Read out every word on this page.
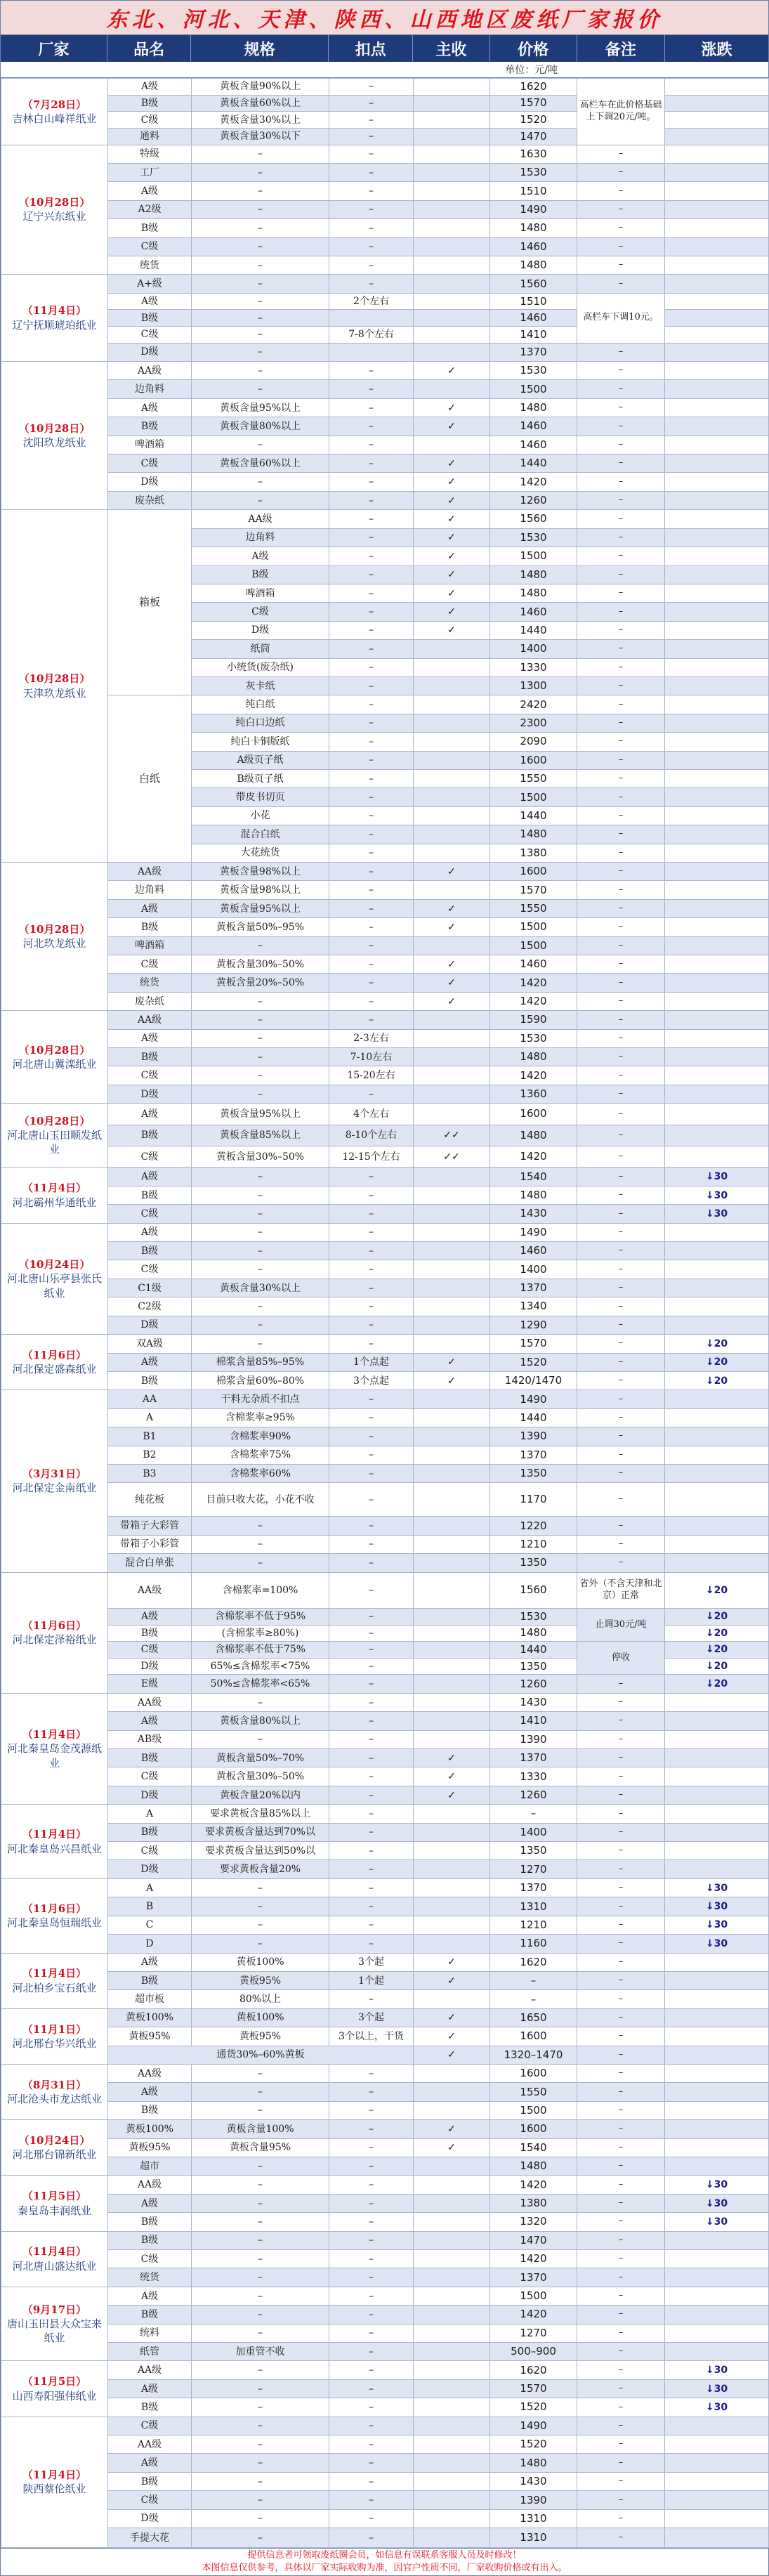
东北、河北、天津、陕西、山西地区废纸厂家报价
厂家	品名	规格	扣点	主收	价格	备注	涨跌
单位：元/吨
（7月28日）
吉林白山峰祥纸业	A级	黄板含量90%以上	–		1620	高栏车在此价格基础上下调20元/吨。	
	B级	黄板含量60%以上	–		1570		
	C级	黄板含量30%以上	–		1520		
	通料	黄板含量30%以下	–		1470		

（10月28日）
辽宁兴东纸业	特级	–	–		1630	–	
	工厂	–	–		1530	–	
	A级	–	–		1510	–	
	A2级	–	–		1490	–	
	B级	–	–		1480	–	
	C级	–	–		1460	–	
	统货	–	–		1480	–	

（11月4日）
辽宁抚顺琥珀纸业	A+级	–	–		1560	–	
	A级	–	2个左右		1510	高栏车下调10元。	
	B级	–			1460		
	C级	–	7-8个左右		1410		
	D级	–			1370	–	

（10月28日）
沈阳玖龙纸业	AA级	–	–	✓	1530	–	
	边角料	–	–		1500	–	
	A级	黄板含量95%以上	–	✓	1480	–	
	B级	黄板含量80%以上	–	✓	1460	–	
	啤酒箱	–	–		1460	–	
	C级	黄板含量60%以上	–	✓	1440	–	
	D级	–	–	✓	1420	–	
	废杂纸	–	–	✓	1260	–	

（10月28日）
天津玖龙纸业	箱板	AA级	–	✓	1560	–	
		边角料	–	✓	1530	–	
		A级	–	✓	1500	–	
		B级	–	✓	1480	–	
		啤酒箱	–	✓	1480	–	
		C级	–	✓	1460	–	
		D级	–	✓	1440	–	
		纸筒	–		1400	–	
		小统货(废杂纸)	–		1330	–	
		灰卡纸	–		1300	–	
	白纸	纯白纸	–		2420	–	
		纯白口边纸	–		2300	–	
		纯白卡铜版纸	–		2090	–	
		A级页子纸	–		1600	–	
		B级页子纸	–		1550	–	
		带皮书切页	–		1500	–	
		小花	–		1440	–	
		混合白纸	–		1480	–	
		大花统货	–		1380	–	

（10月28日）
河北玖龙纸业	AA级	黄板含量98%以上	–	✓	1600	–	
	边角料	黄板含量98%以上	–		1570	–	
	A级	黄板含量95%以上	–	✓	1550	–	
	B级	黄板含量50%–95%	–	✓	1500	–	
	啤酒箱	–	–		1500	–	
	C级	黄板含量30%–50%	–	✓	1460	–	
	统货	黄板含量20%–50%	–	✓	1420	–	
	废杂纸	–	–	✓	1420	–	

（10月28日）
河北唐山冀滦纸业	AA级	–	–		1590	–	
	A级	–	2-3左右		1530	–	
	B级	–	7-10左右		1480	–	
	C级	–	15-20左右		1420	–	
	D级	–	–		1360	–	

（10月28日）
河北唐山玉田顺发纸业	A级	黄板含量95%以上	4个左右		1600	–	
	B级	黄板含量85%以上	8-10个左右	✓✓	1480	–	
	C级	黄板含量30%–50%	12-15个左右	✓✓	1420	–	

（11月4日）
河北霸州华通纸业	A级	–	–		1540	–	↓30
	B级	–	–		1480	–	↓30
	C级	–	–		1430	–	↓30

（10月24日）
河北唐山乐亭县张氏纸业	A级	–	–		1490	–	
	B级	–	–		1460	–	
	C级	–	–		1400	–	
	C1级	黄板含量30%以上	–		1370	–	
	C2级	–	–		1340	–	
	D级	–	–		1290	–	

（11月6日）
河北保定盛森纸业	双A级	–	–		1570	–	↓20
	A级	棉浆含量85%–95%	1个点起	✓	1520	–	↓20
	B级	棉浆含量60%–80%	3个点起	✓	1420/1470	–	↓20

（3月31日）
河北保定金南纸业	AA	干料无杂质不扣点	–		1490	–	
	A	含棉浆率≥95%	–		1440	–	
	B1	含棉浆率90%	–		1390	–	
	B2	含棉浆率75%	–		1370	–	
	B3	含棉浆率60%	–		1350	–	
	纯花板	目前只收大花，小花不收	–		1170	–	
	带箱子大彩管	–	–		1220	–	
	带箱子小彩管	–	–		1210	–	
	混合白单张	–	–		1350	–	

（11月6日）
河北保定泽裕纸业	AA级	含棉浆率=100%	–		1560	省外（不含天津和北京）正常	↓20
	A级	含棉浆率不低于95%	–		1530	止调30元/吨	↓20
	B级	(含棉浆率≥80%)	–		1480		↓20
	C级	含棉浆率不低于75%	–		1440	停收	↓20
	D级	65%≤含棉浆率<75%	–		1350		↓20
	E级	50%≤含棉浆率<65%	–		1260	–	↓20

（11月4日）
河北秦皇岛金茂源纸业	AA级	–	–		1430	–	
	A级	黄板含量80%以上	–		1410	–	
	AB级	–	–		1390	–	
	B级	黄板含量50%–70%	–	✓	1370	–	
	C级	黄板含量30%–50%	–	✓	1330	–	
	D级	黄板含量20%以内	–	✓	1260	–	

（11月4日）
河北秦皇岛兴昌纸业	A	要求黄板含量85%以上	–		–	–	
	B级	要求黄板含量达到70%以	–		1400	–	
	C级	要求黄板含量达到50%以	–		1350	–	
	D级	要求黄板含量20%	–		1270	–	

（11月6日）
河北秦皇岛恒瑞纸业	A	–	–		1370	–	↓30
	B	–	–		1310	–	↓30
	C	–	–		1210	–	↓30
	D	–	–		1160	–	↓30

（11月4日）
河北柏乡宝石纸业	A级	黄板100%	3个起	✓	1620	–	
	B级	黄板95%	1个起	✓	–	–	
	超市板	80%以上	–		–	–	

（11月1日）
河北邢台华兴纸业	黄板100%	黄板100%	3个起	✓	1650	–	
	黄板95%	黄板95%	3个以上，干货	✓	1600	–	
	通货30%–60%黄板			✓	1320–1470	–	

（8月31日）
河北沧头市龙达纸业	AA级	–	–		1600	–	
	A级	–	–		1550	–	
	B级	–	–		1500	–	

（10月24日）
河北邢台锦新纸业	黄板100%	黄板含量100%	–	✓	1600	–	
	黄板95%	黄板含量95%	–	✓	1540	–	
	超市	–	–		1480	–	

（11月5日）
秦皇岛丰润纸业	AA级	–	–		1420	–	↓30
	A级	–	–		1380	–	↓30
	B级	–	–		1320	–	↓30

（11月4日）
河北唐山盛达纸业	B级	–	–		1470	–	
	C级	–	–		1420	–	
	统货	–	–		1370	–	

（9月17日）
唐山玉田县大众宝来纸业	A级	–	–		1500	–	
	B级	–	–		1420	–	
	统料	–	–		1270	–	
	纸管	加重管不收	–		500–900	–	

（11月5日）
山西寿阳强伟纸业	AA级	–	–		1620	–	↓30
	A级	–	–		1570	–	↓30
	B级	–	–		1520	–	↓30

（11月4日）
陕西蔡伦纸业	C级	–	–		1490	–	
	AA级	–	–		1520	–	
	A级	–	–		1480	–	
	B级	–	–		1430	–	
	C级	–	–		1390	–	
	D级	–	–		1310	–	
	手提大花	–	–		1310	–	
提供信息者可领取废纸圈会员，如信息有误联系客服人员及时修改！
本图信息仅供参考，具体以厂家实际收购为准，因官户性质不同，厂家收购价格或有出入。
